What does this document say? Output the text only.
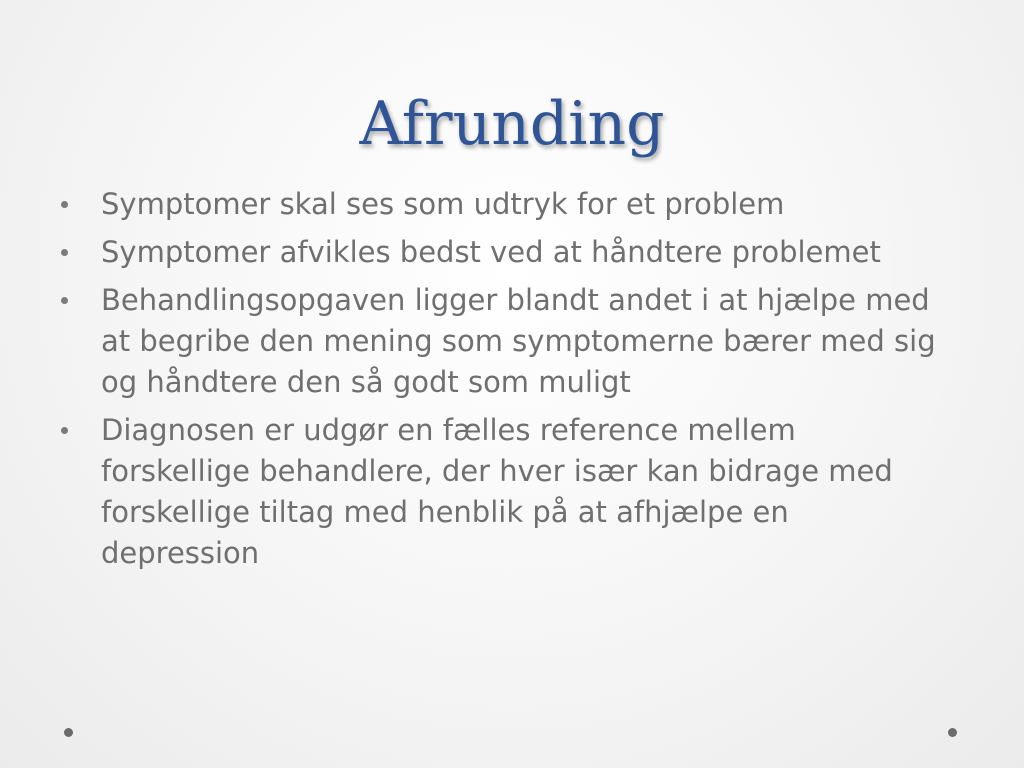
Afrunding
Symptomer skal ses som udtryk for et problem
Symptomer afvikles bedst ved at håndtere problemet
Behandlingsopgaven ligger blandt andet i at hjælpe med at begribe den mening som symptomerne bærer med sig og håndtere den så godt som muligt
Diagnosen er udgør en fælles reference mellem forskellige behandlere, der hver især kan bidrage med forskellige tiltag med henblik på at afhjælpe en depression
